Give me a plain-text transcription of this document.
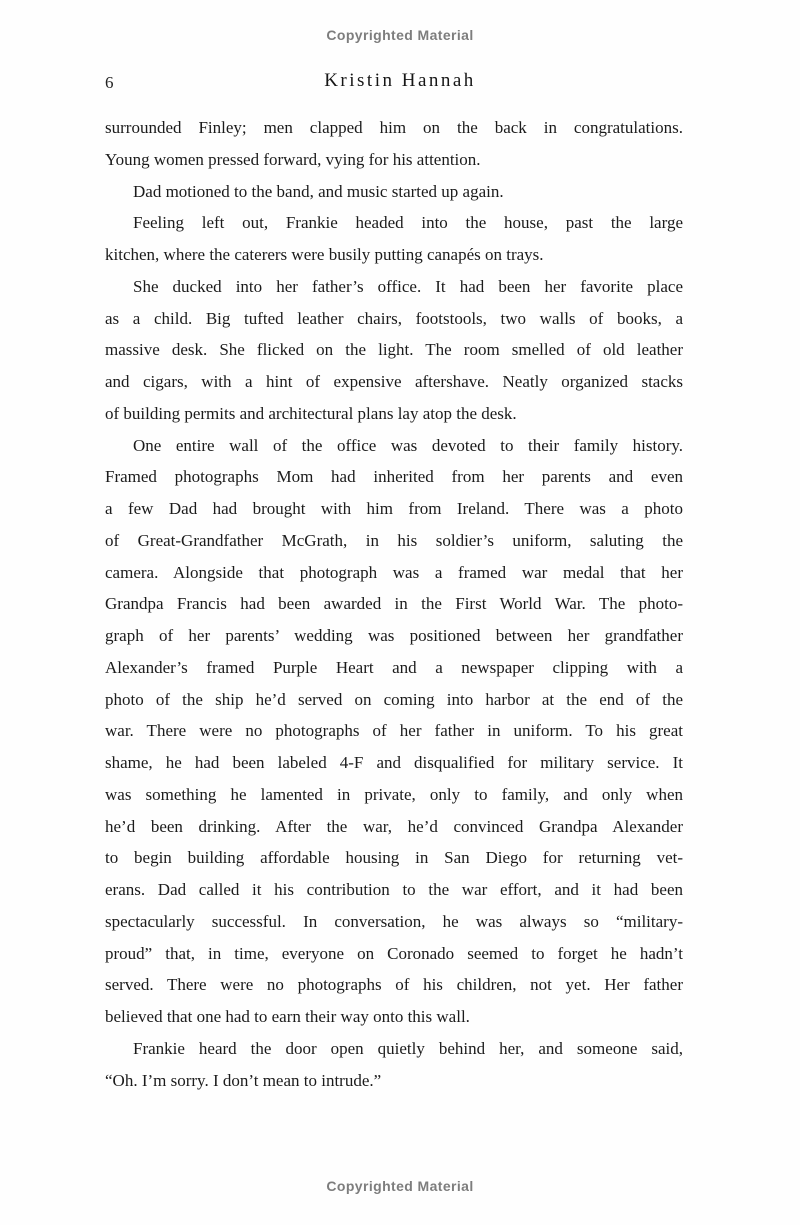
Copyrighted Material
6	Kristin Hannah
surrounded Finley; men clapped him on the back in congratulations.
Young women pressed forward, vying for his attention.
Dad motioned to the band, and music started up again.
Feeling left out, Frankie headed into the house, past the large
kitchen, where the caterers were busily putting canapés on trays.
She ducked into her father’s office. It had been her favorite place
as a child. Big tufted leather chairs, footstools, two walls of books, a
massive desk. She flicked on the light. The room smelled of old leather
and cigars, with a hint of expensive aftershave. Neatly organized stacks
of building permits and architectural plans lay atop the desk.
One entire wall of the office was devoted to their family history.
Framed photographs Mom had inherited from her parents and even
a few Dad had brought with him from Ireland. There was a photo
of Great-Grandfather McGrath, in his soldier’s uniform, saluting the
camera. Alongside that photograph was a framed war medal that her
Grandpa Francis had been awarded in the First World War. The photo-
graph of her parents’ wedding was positioned between her grandfather
Alexander’s framed Purple Heart and a newspaper clipping with a
photo of the ship he’d served on coming into harbor at the end of the
war. There were no photographs of her father in uniform. To his great
shame, he had been labeled 4-F and disqualified for military service. It
was something he lamented in private, only to family, and only when
he’d been drinking. After the war, he’d convinced Grandpa Alexander
to begin building affordable housing in San Diego for returning vet-
erans. Dad called it his contribution to the war effort, and it had been
spectacularly successful. In conversation, he was always so “military-
proud” that, in time, everyone on Coronado seemed to forget he hadn’t
served. There were no photographs of his children, not yet. Her father
believed that one had to earn their way onto this wall.
Frankie heard the door open quietly behind her, and someone said,
“Oh. I’m sorry. I don’t mean to intrude.”
Copyrighted Material
